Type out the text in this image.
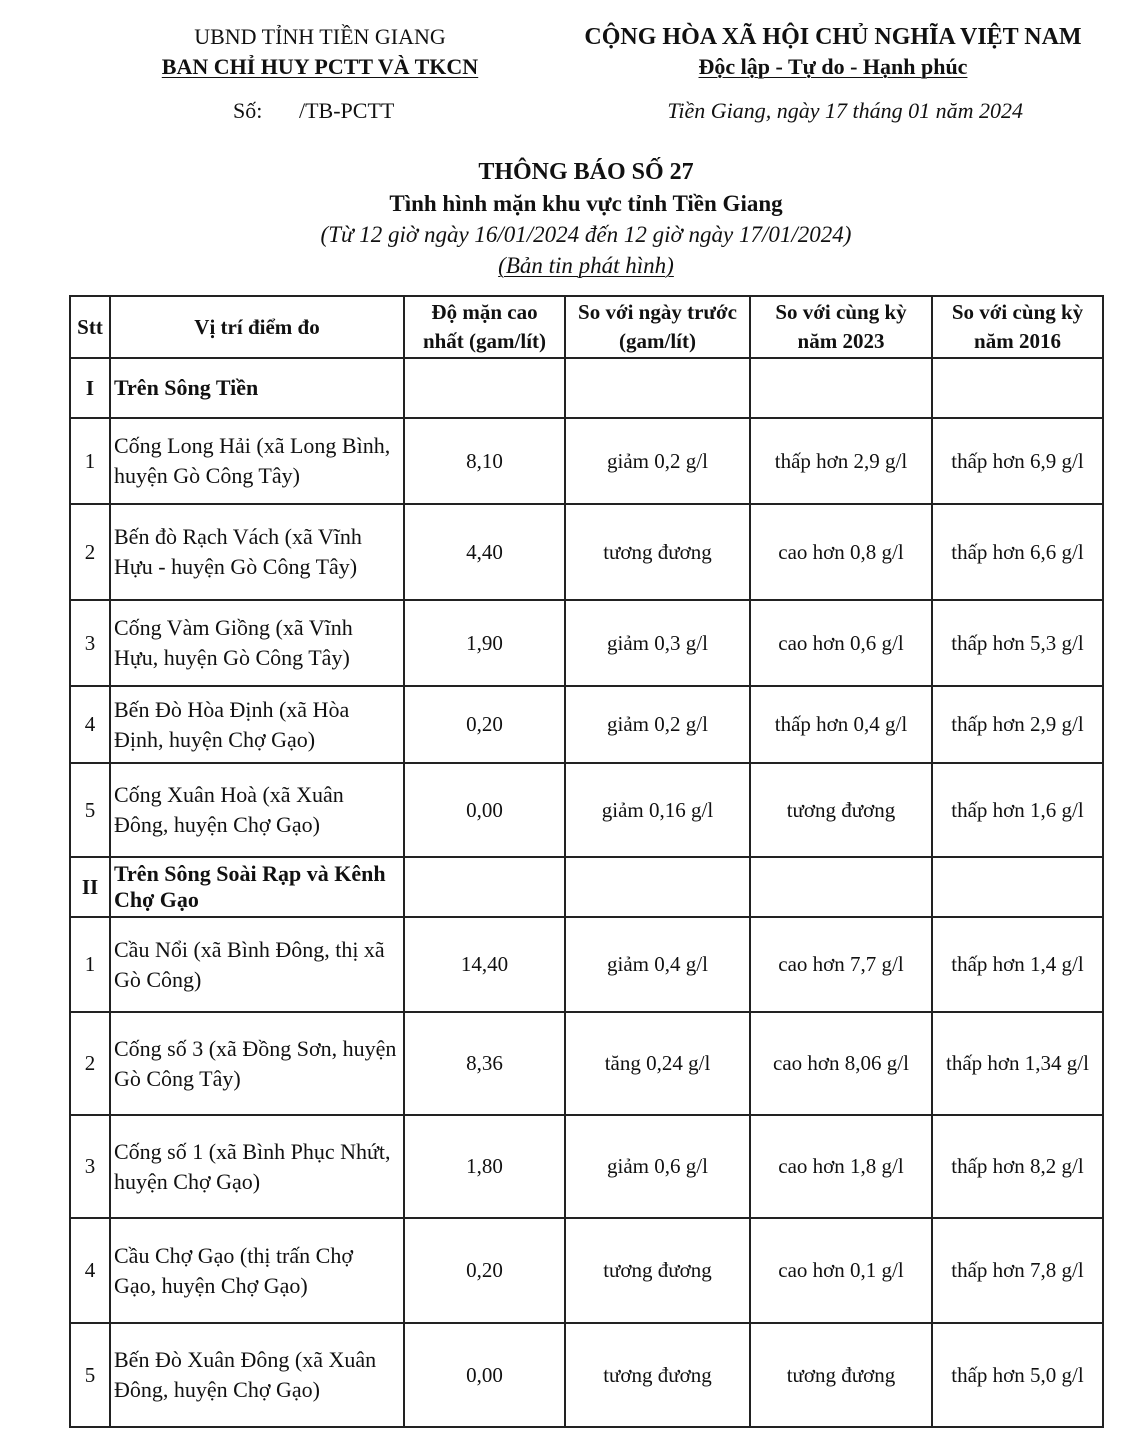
UBND TỈNH TIỀN GIANG
BAN CHỈ HUY PCTT VÀ TKCN
CỘNG HÒA XÃ HỘI CHỦ NGHĨA VIỆT NAM
Độc lập - Tự do - Hạnh phúc
Số: /TB-PCTT	Tiền Giang, ngày 17 tháng 01 năm 2024
THÔNG BÁO SỐ 27
Tình hình mặn khu vực tỉnh Tiền Giang
(Từ 12 giờ ngày 16/01/2024 đến 12 giờ ngày 17/01/2024)
(Bản tin phát hình)
Stt	Vị trí điểm đo	Độ mặn cao nhất (gam/lít)	So với ngày trước (gam/lít)	So với cùng kỳ năm 2023	So với cùng kỳ năm 2016
I	Trên Sông Tiền				
1	Cống Long Hải (xã Long Bình, huyện Gò Công Tây)	8,10	giảm 0,2 g/l	thấp hơn 2,9 g/l	thấp hơn 6,9 g/l
2	Bến đò Rạch Vách (xã Vĩnh Hựu - huyện Gò Công Tây)	4,40	tương đương	cao hơn 0,8 g/l	thấp hơn 6,6 g/l
3	Cống Vàm Giồng (xã Vĩnh Hựu, huyện Gò Công Tây)	1,90	giảm 0,3 g/l	cao hơn 0,6 g/l	thấp hơn 5,3 g/l
4	Bến Đò Hòa Định (xã Hòa Định, huyện Chợ Gạo)	0,20	giảm 0,2 g/l	thấp hơn 0,4 g/l	thấp hơn 2,9 g/l
5	Cống Xuân Hoà (xã Xuân Đông, huyện Chợ Gạo)	0,00	giảm 0,16 g/l	tương đương	thấp hơn 1,6 g/l
II	Trên Sông Soài Rạp và Kênh Chợ Gạo				
1	Cầu Nổi (xã Bình Đông, thị xã Gò Công)	14,40	giảm 0,4 g/l	cao hơn 7,7 g/l	thấp hơn 1,4 g/l
2	Cống số 3 (xã Đồng Sơn, huyện Gò Công Tây)	8,36	tăng 0,24 g/l	cao hơn 8,06 g/l	thấp hơn 1,34 g/l
3	Cống số 1 (xã Bình Phục Nhứt, huyện Chợ Gạo)	1,80	giảm 0,6 g/l	cao hơn 1,8 g/l	thấp hơn 8,2 g/l
4	Cầu Chợ Gạo (thị trấn Chợ Gạo, huyện Chợ Gạo)	0,20	tương đương	cao hơn 0,1 g/l	thấp hơn 7,8 g/l
5	Bến Đò Xuân Đông (xã Xuân Đông, huyện Chợ Gạo)	0,00	tương đương	tương đương	thấp hơn 5,0 g/l
